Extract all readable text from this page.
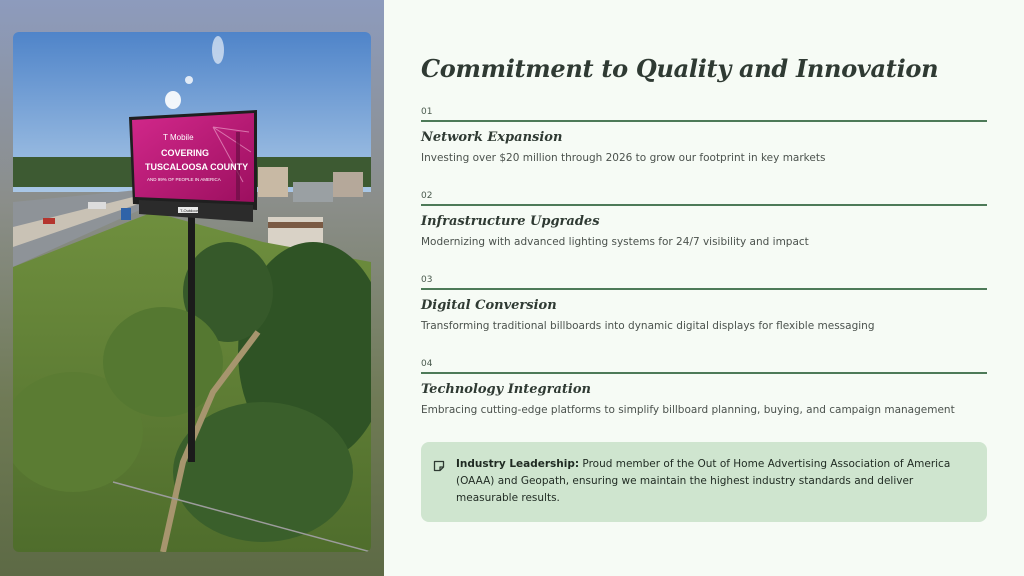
T Mobile
COVERING
TUSCALOOSA COUNTY
AND 99% OF PEOPLE IN AMERICA
T-Outdoor
Commitment to Quality and Innovation
01
Network Expansion
Investing over $20 million through 2026 to grow our footprint in key markets
02
Infrastructure Upgrades
Modernizing with advanced lighting systems for 24/7 visibility and impact
03
Digital Conversion
Transforming traditional billboards into dynamic digital displays for flexible messaging
04
Technology Integration
Embracing cutting-edge platforms to simplify billboard planning, buying, and campaign management
Industry Leadership: Proud member of the Out of Home Advertising Association of America (OAAA) and Geopath, ensuring we maintain the highest industry standards and deliver measurable results.
